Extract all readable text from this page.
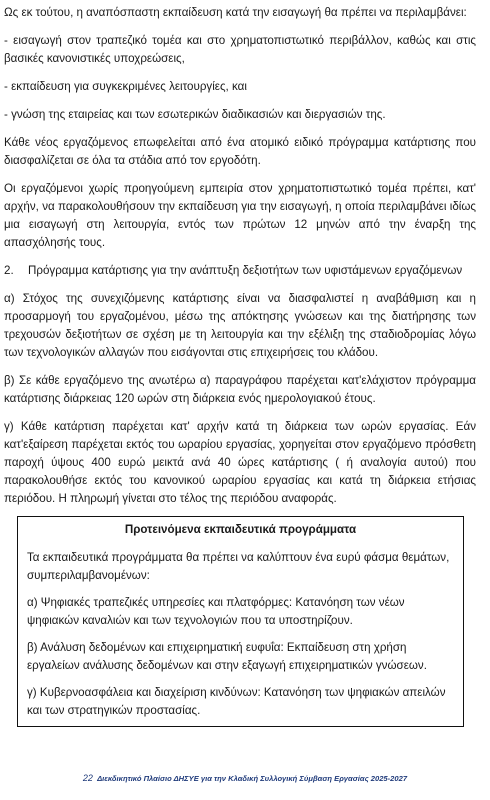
Ως εκ τούτου, η αναπόσπαστη εκπαίδευση κατά την εισαγωγή θα πρέπει να περιλαμβάνει:

- εισαγωγή στον τραπεζικό τομέα και στο χρηματοπιστωτικό περιβάλλον, καθώς και στις βασικές κανονιστικές υποχρεώσεις,

- εκπαίδευση για συγκεκριμένες λειτουργίες, και

- γνώση της εταιρείας και των εσωτερικών διαδικασιών και διεργασιών της.

Κάθε νέος εργαζόμενος επωφελείται από ένα ατομικό ειδικό πρόγραμμα κατάρτισης που διασφαλίζεται σε όλα τα στάδια από τον εργοδότη.

Οι εργαζόμενοι χωρίς προηγούμενη εμπειρία στον χρηματοπιστωτικό τομέα πρέπει, κατ' αρχήν, να παρακολουθήσουν την εκπαίδευση για την εισαγωγή, η οποία περιλαμβάνει ιδίως μια εισαγωγή στη λειτουργία, εντός των πρώτων 12 μηνών από την έναρξη της απασχόλησής τους.

2.	Πρόγραμμα κατάρτισης για την ανάπτυξη δεξιοτήτων των υφιστάμενων εργαζόμενων

α) Στόχος της συνεχιζόμενης κατάρτισης είναι να διασφαλιστεί η αναβάθμιση και η προσαρμογή του εργαζομένου, μέσω της απόκτησης γνώσεων και της διατήρησης των τρεχουσών δεξιοτήτων σε σχέση με τη λειτουργία και την εξέλιξη της σταδιοδρομίας λόγω των τεχνολογικών αλλαγών που εισάγονται στις επιχειρήσεις του κλάδου.

β) Σε κάθε εργαζόμενο της ανωτέρω α) παραγράφου παρέχεται κατ'ελάχιστον πρόγραμμα κατάρτισης διάρκειας 120 ωρών στη διάρκεια ενός ημερολογιακού έτους.

γ) Κάθε κατάρτιση παρέχεται κατ' αρχήν κατά τη διάρκεια των ωρών εργασίας. Εάν κατ'εξαίρεση παρέχεται εκτός του ωραρίου εργασίας, χορηγείται στον εργαζόμενο πρόσθετη παροχή ύψους 400 ευρώ μεικτά ανά 40 ώρες κατάρτισης ( ή αναλογία αυτού) που παρακολουθήσε εκτός του κανονικού ωραρίου εργασίας και κατά τη διάρκεια ετήσιας περιόδου. Η πληρωμή γίνεται στο τέλος της περιόδου αναφοράς.

Προτεινόμενα εκπαιδευτικά προγράμματα

Τα εκπαιδευτικά προγράμματα θα πρέπει να καλύπτουν ένα ευρύ φάσμα θεμάτων, συμπεριλαμβανομένων:

α) Ψηφιακές τραπεζικές υπηρεσίες και πλατφόρμες: Κατανόηση των νέων ψηφιακών καναλιών και των τεχνολογιών που τα υποστηρίζουν.

β) Ανάλυση δεδομένων και επιχειρηματική ευφυΐα: Εκπαίδευση στη χρήση εργαλείων ανάλυσης δεδομένων και στην εξαγωγή επιχειρηματικών γνώσεων.

γ) Κυβερνοασφάλεια και διαχείριση κινδύνων: Κατανόηση των ψηφιακών απειλών και των στρατηγικών προστασίας.

22 Διεκδικητικό Πλαίσιο ΔΗΣΥΕ για την Κλαδική Συλλογική Σύμβαση Εργασίας 2025-2027
